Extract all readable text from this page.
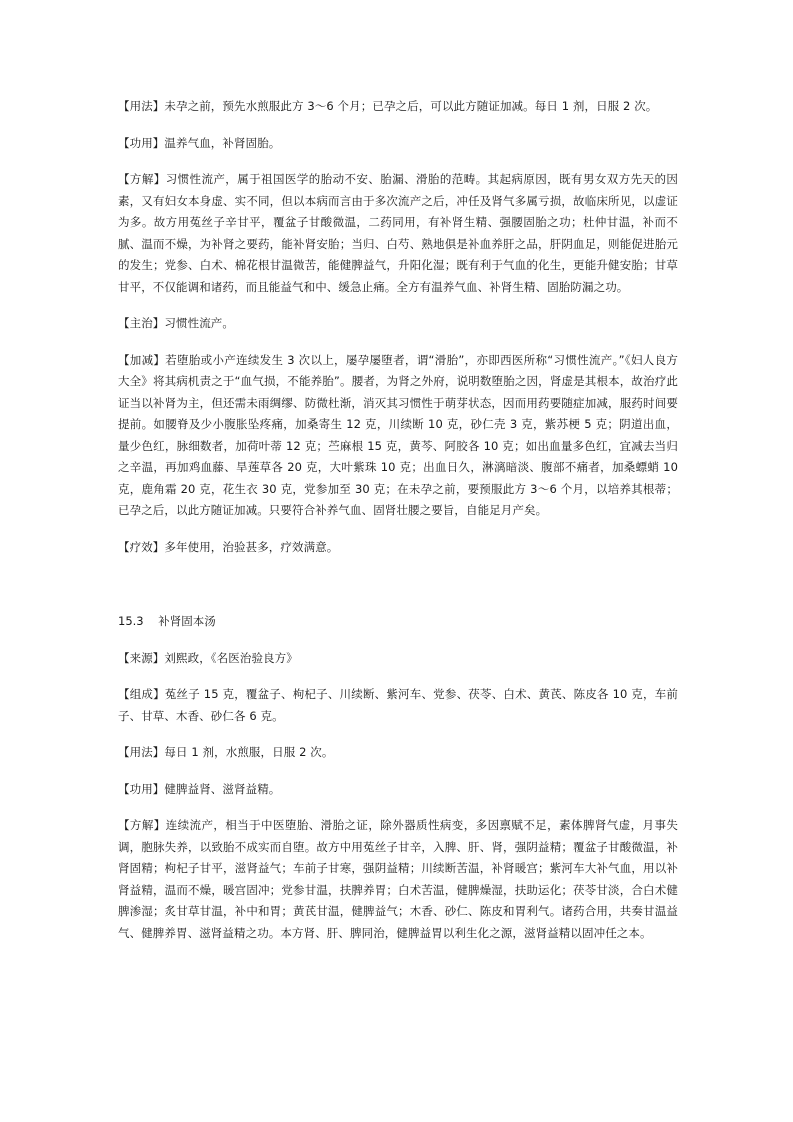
【用法】未孕之前，预先水煎服此方 3～6 个月；已孕之后，可以此方随证加减。每日 1 剂，日服 2 次。

【功用】温养气血，补肾固胎。

【方解】习惯性流产，属于祖国医学的胎动不安、胎漏、滑胎的范畴。其起病原因，既有男女双方先天的因素，又有妇女本身虚、实不同，但以本病而言由于多次流产之后，冲任及肾气多属亏损，故临床所见，以虚证为多。故方用菟丝子辛甘平，覆盆子甘酸微温，二药同用，有补肾生精、强腰固胎之功；杜仲甘温，补而不腻、温而不燥，为补肾之要药，能补肾安胎；当归、白芍、熟地俱是补血养肝之品，肝阴血足，则能促进胎元的发生；党参、白术、棉花根甘温微苦，能健脾益气，升阳化湿；既有利于气血的化生，更能升健安胎；甘草甘平，不仅能调和诸药，而且能益气和中、缓急止痛。全方有温养气血、补肾生精、固胎防漏之功。

【主治】习惯性流产。

【加减】若堕胎或小产连续发生 3 次以上，屡孕屡堕者，谓“滑胎”，亦即西医所称“习惯性流产。”《妇人良方大全》将其病机责之于“血气损，不能养胎”。腰者，为肾之外府，说明数堕胎之因，肾虚是其根本，故治疗此证当以补肾为主，但还需未雨绸缪、防微杜渐，消灭其习惯性于萌芽状态，因而用药要随症加减，服药时间要提前。如腰脊及少小腹胀坠疼痛，加桑寄生 12 克，川续断 10 克，砂仁壳 3 克，紫苏梗 5 克；阴道出血，量少色红，脉细数者，加荷叶蒂 12 克；苎麻根 15 克，黄芩、阿胶各 10 克；如出血量多色红，宜减去当归之辛温，再加鸡血藤、旱莲草各 20 克，大叶紫珠 10 克；出血日久，淋漓暗淡、腹部不痛者，加桑螵蛸 10 克，鹿角霜 20 克，花生衣 30 克，党参加至 30 克；在未孕之前，要预服此方 3～6 个月，以培养其根蒂；已孕之后，以此方随证加减。只要符合补养气血、固肾壮腰之要旨，自能足月产矣。

【疗效】多年使用，治验甚多，疗效满意。

15.3 补肾固本汤

【来源】刘熙政，《名医治验良方》

【组成】菟丝子 15 克，覆盆子、枸杞子、川续断、紫河车、党参、茯苓、白术、黄芪、陈皮各 10 克，车前子、甘草、木香、砂仁各 6 克。

【用法】每日 1 剂，水煎服，日服 2 次。

【功用】健脾益肾、滋肾益精。

【方解】连续流产，相当于中医堕胎、滑胎之证，除外器质性病变，多因禀赋不足，素体脾肾气虚，月事失调，胞脉失养，以致胎不成实而自堕。故方中用菟丝子甘辛，入脾、肝、肾，强阴益精；覆盆子甘酸微温，补肾固精；枸杞子甘平，滋肾益气；车前子甘寒，强阴益精；川续断苦温，补肾暖宫；紫河车大补气血，用以补肾益精，温而不燥，暖宫固冲；党参甘温，扶脾养胃；白术苦温，健脾燥湿，扶助运化；茯苓甘淡，合白术健脾渗湿；炙甘草甘温，补中和胃；黄芪甘温，健脾益气；木香、砂仁、陈皮和胃利气。诸药合用，共奏甘温益气、健脾养胃、滋肾益精之功。本方肾、肝、脾同治，健脾益胃以利生化之源，滋肾益精以固冲任之本。
